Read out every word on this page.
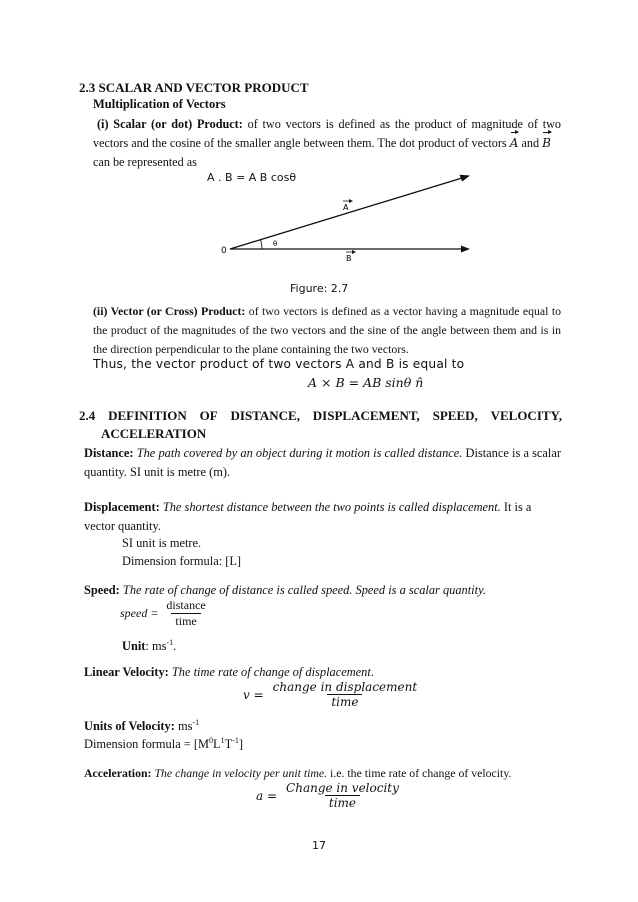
2.3 SCALAR AND VECTOR PRODUCT
Multiplication of Vectors
(i) Scalar (or dot) Product: of two vectors is defined as the product of magnitude of two vectors and the cosine of the smaller angle between them. The dot product of vectors A and B
can be represented as
A . B = A B cosθ
0
θ
A
B
Figure: 2.7
(ii) Vector (or Cross) Product: of two vectors is defined as a vector having a magnitude equal to the product of the magnitudes of the two vectors and the sine of the angle between them and is in the direction perpendicular to the plane containing the two vectors.
Thus, the vector product of two vectors A and B is equal to
A × B = AB sinθ n̂
2.4 DEFINITION OF DISTANCE, DISPLACEMENT, SPEED, VELOCITY,
ACCELERATION
Distance: The path covered by an object during it motion is called distance. Distance is a scalar quantity. SI unit is metre (m).
Displacement: The shortest distance between the two points is called displacement. It is a vector quantity.
SI unit is metre.
Dimension formula: [L]
Speed: The rate of change of distance is called speed. Speed is a scalar quantity.
speed = $\frac{\text{distance}}{\text{time}}$
Unit: $ms^{-1}$.
Linear Velocity: The time rate of change of displacement.
$v = \frac{\text{change in displacement}}{\text{time}}$
Units of Velocity: $ms^{-1}$
Dimension formula = $[M^0L^1T^{-1}]$
Acceleration: The change in velocity per unit time. i.e. the time rate of change of velocity.
$a = \frac{\text{Change in velocity}}{\text{time}}$
17
